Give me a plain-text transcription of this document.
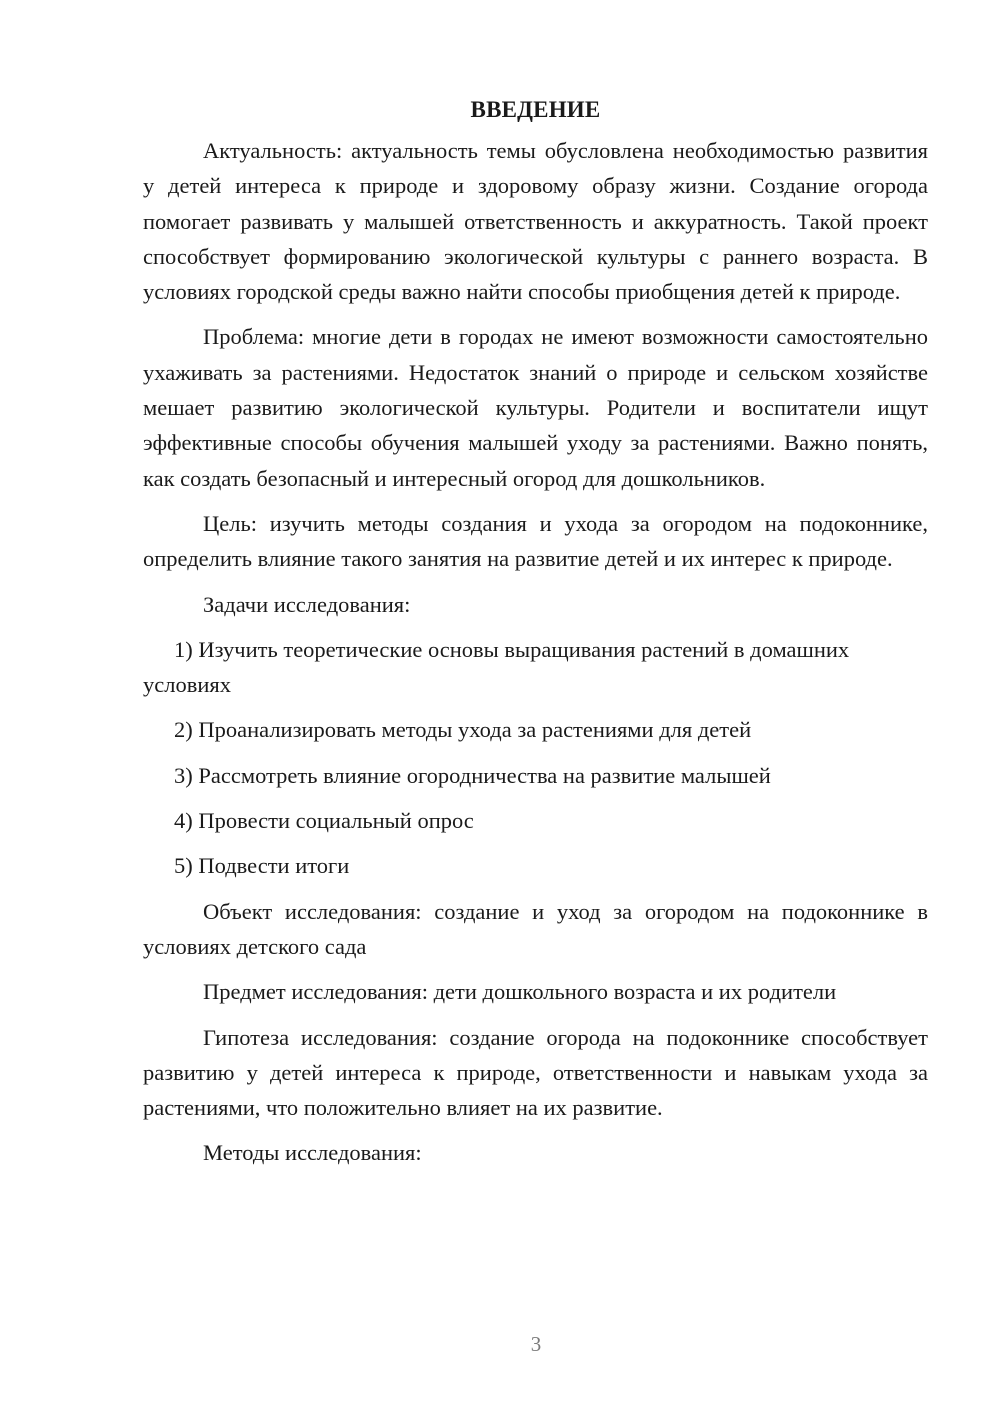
ВВЕДЕНИЕ

Актуальность: актуальность темы обусловлена необходимостью развития у детей интереса к природе и здоровому образу жизни. Создание огорода помогает развивать у малышей ответственность и аккуратность. Такой проект способствует формированию экологической культуры с раннего возраста. В условиях городской среды важно найти способы приобщения детей к природе.

Проблема: многие дети в городах не имеют возможности самостоятельно ухаживать за растениями. Недостаток знаний о природе и сельском хозяйстве мешает развитию экологической культуры. Родители и воспитатели ищут эффективные способы обучения малышей уходу за растениями. Важно понять, как создать безопасный и интересный огород для дошкольников.

Цель: изучить методы создания и ухода за огородом на подоконнике, определить влияние такого занятия на развитие детей и их интерес к природе.

Задачи исследования:

1) Изучить теоретические основы выращивания растений в домашних условиях

2) Проанализировать методы ухода за растениями для детей

3) Рассмотреть влияние огородничества на развитие малышей

4) Провести социальный опрос

5) Подвести итоги

Объект исследования: создание и уход за огородом на подоконнике в условиях детского сада

Предмет исследования: дети дошкольного возраста и их родители

Гипотеза исследования: создание огорода на подоконнике способствует развитию у детей интереса к природе, ответственности и навыкам ухода за растениями, что положительно влияет на их развитие.

Методы исследования:

3
